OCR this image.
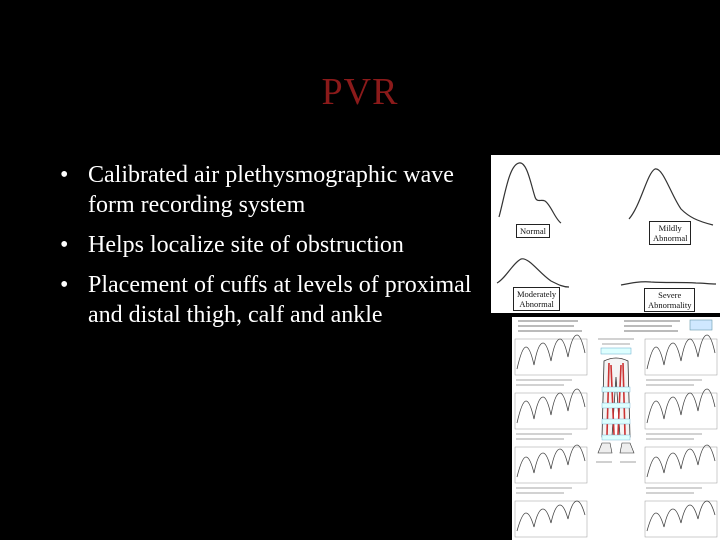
PVR
• Calibrated air plethysmographic wave form recording system
• Helps localize site of obstruction
• Placement of cuffs at levels of proximal and distal thigh, calf and ankle
Normal	Mildly
Abnormal
Moderately
Abnormal
Severe
Abnormality
